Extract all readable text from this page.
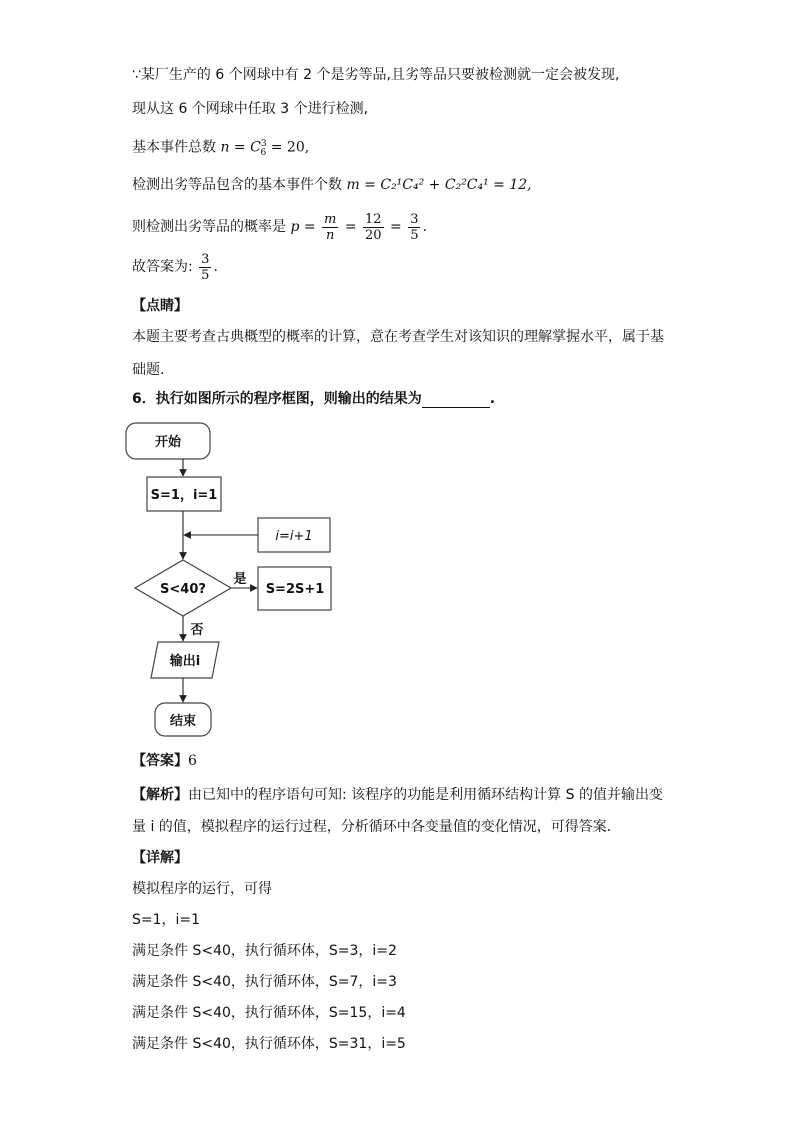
∵某厂生产的 6 个网球中有 2 个是劣等品,且劣等品只要被检测就一定会被发现,
现从这 6 个网球中任取 3 个进行检测,
基本事件总数 $n = C^3_6 = 20$,
检测出劣等品包含的基本事件个数 m = C₂¹C₄² + C₂²C₄¹ = 12,
则检测出劣等品的概率是 $p = \frac{m}{n} = \frac{12}{20} = \frac{3}{5}$ .
故答案为: $\frac{3}{5}$ .
【点睛】
本题主要考查古典概型的概率的计算，意在考查学生对该知识的理解掌握水平，属于基
础题.
6．执行如图所示的程序框图，则输出的结果为	.
开始
S=1，i=1
i=i+1
S<40?
是
S=2S+1
否
输出i
结束
【答案】6
【解析】由已知中的程序语句可知: 该程序的功能是利用循环结构计算 S 的值并输出变
量 i 的值，模拟程序的运行过程，分析循环中各变量值的变化情况，可得答案．
【详解】
模拟程序的运行，可得
S=1，i=1
满足条件 S<40，执行循环体，S=3，i=2
满足条件 S<40，执行循环体，S=7，i=3
满足条件 S<40，执行循环体，S=15，i=4
满足条件 S<40，执行循环体，S=31，i=5
